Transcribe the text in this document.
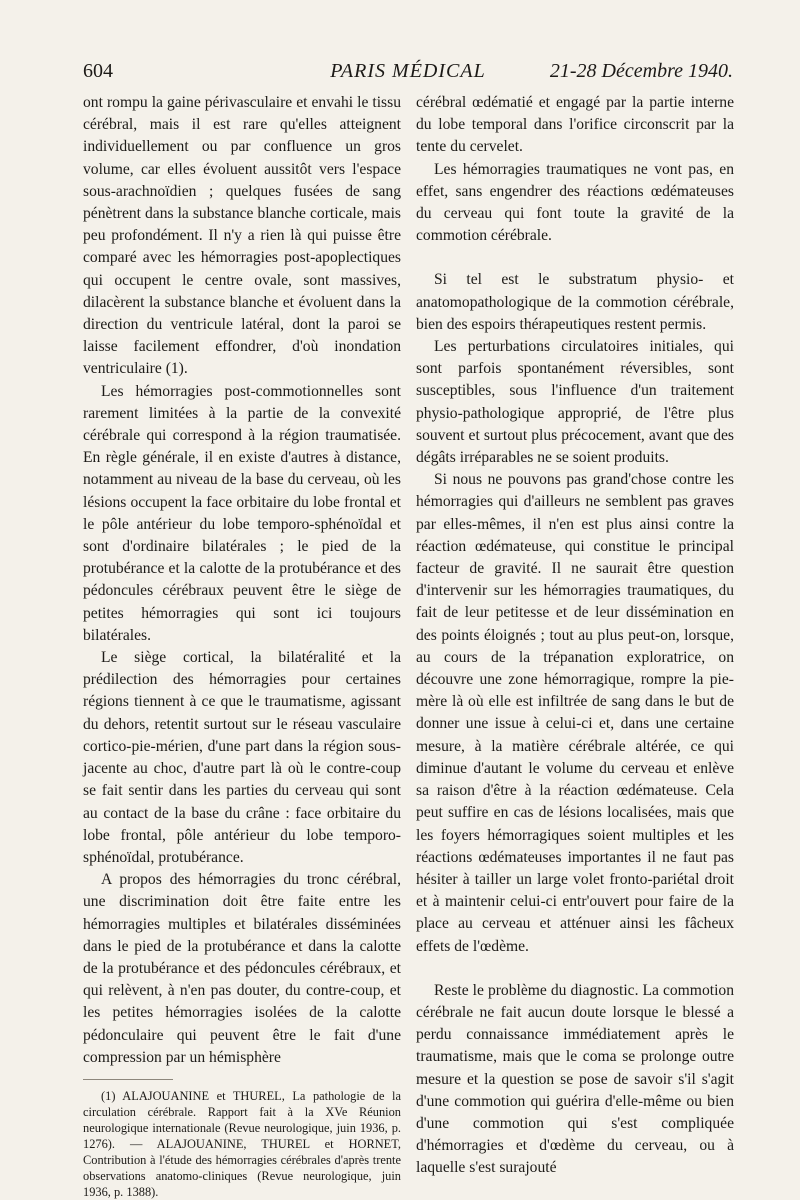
604	PARIS MÉDICAL	21-28 Décembre 1940.

ont rompu la gaine périvasculaire et envahi le tissu cérébral, mais il est rare qu'elles atteignent individuellement ou par confluence un gros volume, car elles évoluent aussitôt vers l'espace sous-arachnoïdien ; quelques fusées de sang pénètrent dans la substance blanche corticale, mais peu profondément. Il n'y a rien là qui puisse être comparé avec les hémorragies post-apoplectiques qui occupent le centre ovale, sont massives, dilacèrent la substance blanche et évoluent dans la direction du ventricule latéral, dont la paroi se laisse facilement effondrer, d'où inondation ventriculaire (1).

Les hémorragies post-commotionnelles sont rarement limitées à la partie de la convexité cérébrale qui correspond à la région traumatisée. En règle générale, il en existe d'autres à distance, notamment au niveau de la base du cerveau, où les lésions occupent la face orbitaire du lobe frontal et le pôle antérieur du lobe temporo-sphénoïdal et sont d'ordinaire bilatérales ; le pied de la protubérance et la calotte de la protubérance et des pédoncules cérébraux peuvent être le siège de petites hémorragies qui sont ici toujours bilatérales.

Le siège cortical, la bilatéralité et la prédilection des hémorragies pour certaines régions tiennent à ce que le traumatisme, agissant du dehors, retentit surtout sur le réseau vasculaire cortico-pie-mérien, d'une part dans la région sous-jacente au choc, d'autre part là où le contre-coup se fait sentir dans les parties du cerveau qui sont au contact de la base du crâne : face orbitaire du lobe frontal, pôle antérieur du lobe temporo-sphénoïdal, protubérance.

A propos des hémorragies du tronc cérébral, une discrimination doit être faite entre les hémorragies multiples et bilatérales disséminées dans le pied de la protubérance et dans la calotte de la protubérance et des pédoncules cérébraux, et qui relèvent, à n'en pas douter, du contre-coup, et les petites hémorragies isolées de la calotte pédonculaire qui peuvent être le fait d'une compression par un hémisphère

(1) ALAJOUANINE et THUREL, La pathologie de la circulation cérébrale. Rapport fait à la XVe Réunion neurologique internationale (Revue neurologique, juin 1936, p. 1276). — ALAJOUANINE, THUREL et HORNET, Contribution à l'étude des hémorragies cérébrales d'après trente observations anatomo-cliniques (Revue neurologique, juin 1936, p. 1388).

cérébral œdématié et engagé par la partie interne du lobe temporal dans l'orifice circonscrit par la tente du cervelet.

Les hémorragies traumatiques ne vont pas, en effet, sans engendrer des réactions œdémateuses du cerveau qui font toute la gravité de la commotion cérébrale.

Si tel est le substratum physio- et anatomopathologique de la commotion cérébrale, bien des espoirs thérapeutiques restent permis.

Les perturbations circulatoires initiales, qui sont parfois spontanément réversibles, sont susceptibles, sous l'influence d'un traitement physio-pathologique approprié, de l'être plus souvent et surtout plus précocement, avant que des dégâts irréparables ne se soient produits.

Si nous ne pouvons pas grand'chose contre les hémorragies qui d'ailleurs ne semblent pas graves par elles-mêmes, il n'en est plus ainsi contre la réaction œdémateuse, qui constitue le principal facteur de gravité. Il ne saurait être question d'intervenir sur les hémorragies traumatiques, du fait de leur petitesse et de leur dissémination en des points éloignés ; tout au plus peut-on, lorsque, au cours de la trépanation exploratrice, on découvre une zone hémorragique, rompre la pie-mère là où elle est infiltrée de sang dans le but de donner une issue à celui-ci et, dans une certaine mesure, à la matière cérébrale altérée, ce qui diminue d'autant le volume du cerveau et enlève sa raison d'être à la réaction œdémateuse. Cela peut suffire en cas de lésions localisées, mais que les foyers hémorragiques soient multiples et les réactions œdémateuses importantes il ne faut pas hésiter à tailler un large volet fronto-pariétal droit et à maintenir celui-ci entr'ouvert pour faire de la place au cerveau et atténuer ainsi les fâcheux effets de l'œdème.

Reste le problème du diagnostic. La commotion cérébrale ne fait aucun doute lorsque le blessé a perdu connaissance immédiatement après le traumatisme, mais que le coma se prolonge outre mesure et la question se pose de savoir s'il s'agit d'une commotion qui guérira d'elle-même ou bien d'une commotion qui s'est compliquée d'hémorragies et d'œdème du cerveau, ou à laquelle s'est surajouté
